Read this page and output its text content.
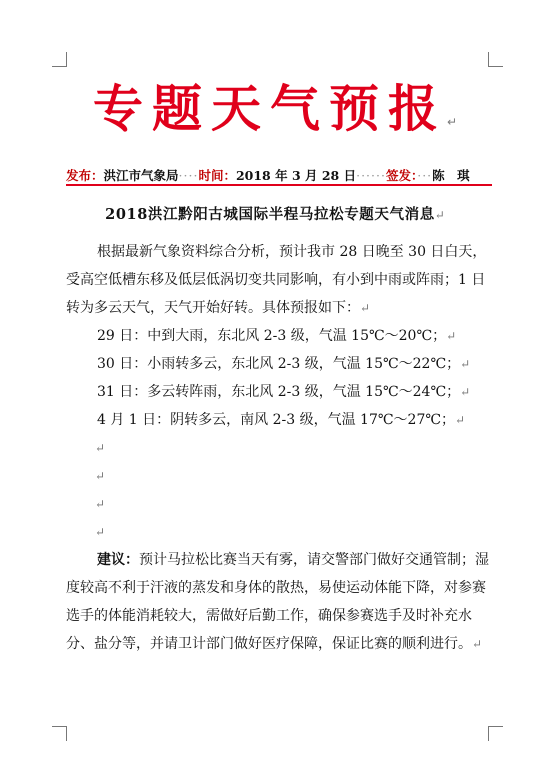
专题天气预报↵
发布：洪江市气象局····时间：2018 年 3 月 28 日······签发：···陈　琪
2018洪江黔阳古城国际半程马拉松专题天气消息↵

根据最新气象资料综合分析，预计我市 28 日晚至 30 日白天，受高空低槽东移及低层低涡切变共同影响，有小到中雨或阵雨；1 日转为多云天气，天气开始好转。具体预报如下：↵

29 日：中到大雨，东北风 2-3 级，气温 15℃～20℃；↵

30 日：小雨转多云，东北风 2-3 级，气温 15℃～22℃；↵

31 日：多云转阵雨，东北风 2-3 级，气温 15℃～24℃；↵

4 月 1 日：阴转多云，南风 2-3 级，气温 17℃～27℃；↵

↵

↵

↵

↵

建议：预计马拉松比赛当天有雾，请交警部门做好交通管制；湿度较高不利于汗液的蒸发和身体的散热，易使运动体能下降，对参赛选手的体能消耗较大，需做好后勤工作，确保参赛选手及时补充水分、盐分等，并请卫计部门做好医疗保障，保证比赛的顺利进行。↵
